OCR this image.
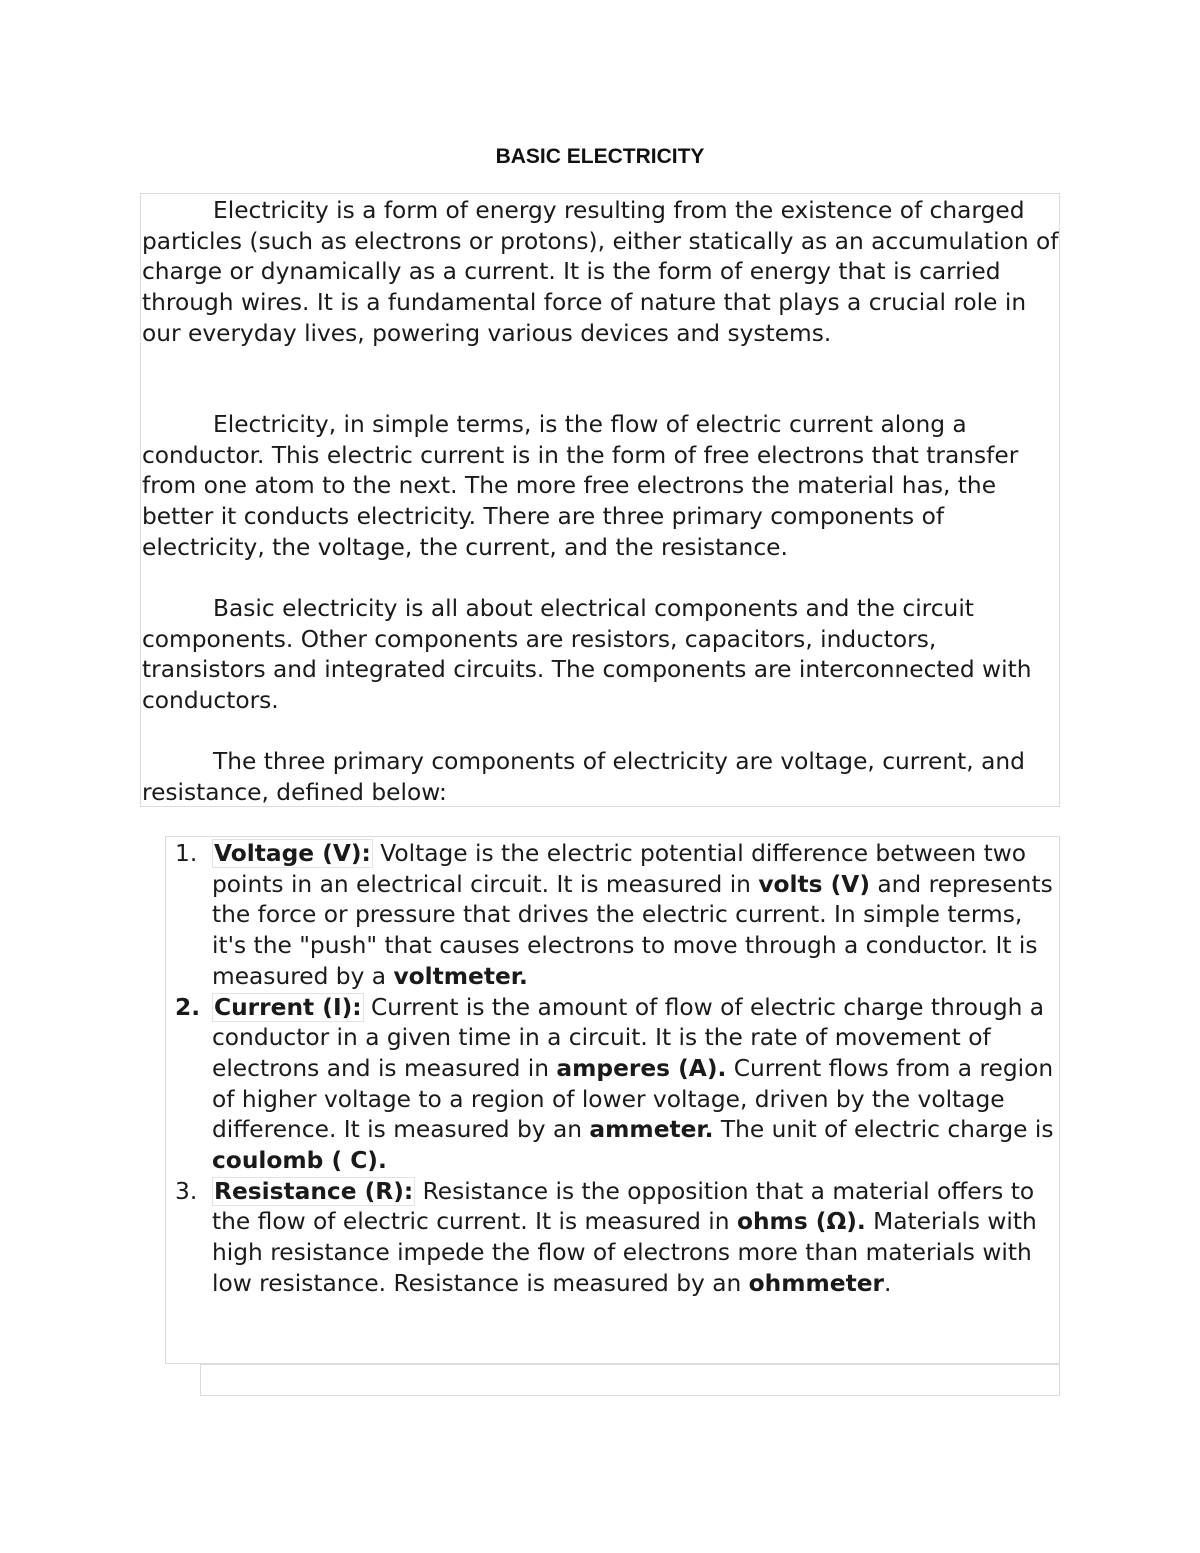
BASIC ELECTRICITY

Electricity is a form of energy resulting from the existence of charged particles (such as electrons or protons), either statically as an accumulation of charge or dynamically as a current. It is the form of energy that is carried through wires. It is a fundamental force of nature that plays a crucial role in our everyday lives, powering various devices and systems.

Electricity, in simple terms, is the flow of electric current along a conductor. This electric current is in the form of free electrons that transfer from one atom to the next. The more free electrons the material has, the better it conducts electricity. There are three primary components of electricity, the voltage, the current, and the resistance.

Basic electricity is all about electrical components and the circuit components. Other components are resistors, capacitors, inductors, transistors and integrated circuits. The components are interconnected with conductors.

The three primary components of electricity are voltage, current, and resistance, defined below:

1. Voltage (V): Voltage is the electric potential difference between two points in an electrical circuit. It is measured in volts (V) and represents the force or pressure that drives the electric current. In simple terms, it's the "push" that causes electrons to move through a conductor. It is measured by a voltmeter.
2. Current (I): Current is the amount of flow of electric charge through a conductor in a given time in a circuit. It is the rate of movement of electrons and is measured in amperes (A). Current flows from a region of higher voltage to a region of lower voltage, driven by the voltage difference. It is measured by an ammeter. The unit of electric charge is coulomb ( C).
3. Resistance (R): Resistance is the opposition that a material offers to the flow of electric current. It is measured in ohms (Ω). Materials with high resistance impede the flow of electrons more than materials with low resistance. Resistance is measured by an ohmmeter.
